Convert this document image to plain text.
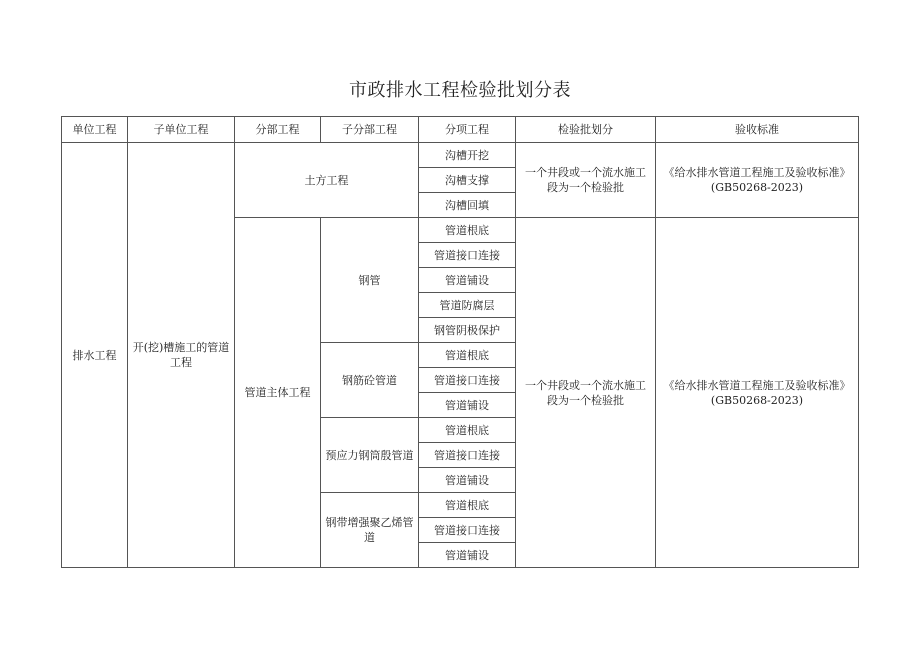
市政排水工程检验批划分表
单位工程	子单位工程	分部工程	子分部工程	分项工程	检验批划分	验收标准
排水工程	开(挖)槽施工的管道工程	土方工程		沟槽开挖	一个井段或一个流水施工段为一个检验批	《给水排水管道工程施工及验收标准》(GB50268-2023)
				沟槽支撑		
				沟槽回填		
		管道主体工程	钢管	管道根底	一个井段或一个流水施工段为一个检验批	《给水排水管道工程施工及验收标准》(GB50268-2023)
				管道接口连接		
				管道铺设		
				管道防腐层		
				钢管阴极保护		
			钢筋砼管道	管道根底		
				管道接口连接		
				管道铺设		
			预应力钢筒殷管道	管道根底		
				管道接口连接		
				管道铺设		
			钢带增强聚乙烯管道	管道根底		
				管道接口连接		
				管道铺设		
